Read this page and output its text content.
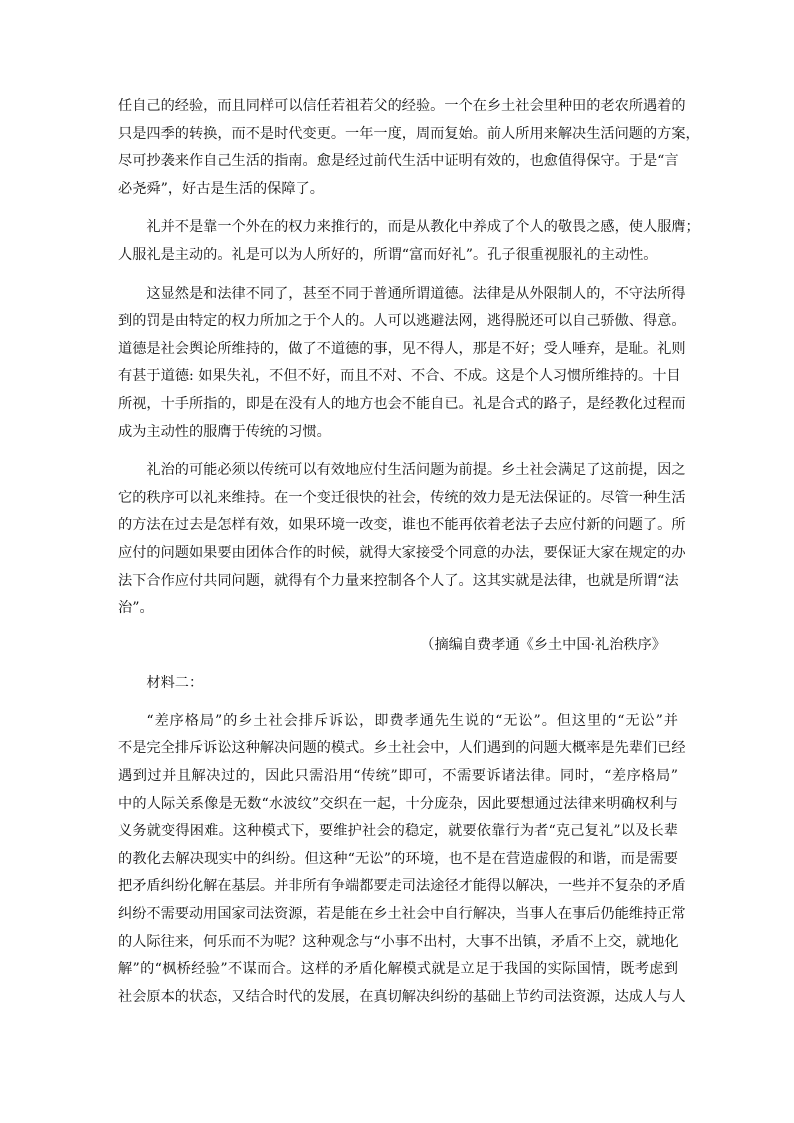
任自己的经验，而且同样可以信任若祖若父的经验。一个在乡土社会里种田的老农所遇着的
只是四季的转换，而不是时代变更。一年一度，周而复始。前人所用来解决生活问题的方案，
尽可抄袭来作自己生活的指南。愈是经过前代生活中证明有效的，也愈值得保守。于是“言
必尧舜”，好古是生活的保障了。

礼并不是靠一个外在的权力来推行的，而是从教化中养成了个人的敬畏之感，使人服膺；
人服礼是主动的。礼是可以为人所好的，所谓“富而好礼”。孔子很重视服礼的主动性。

这显然是和法律不同了，甚至不同于普通所谓道德。法律是从外限制人的，不守法所得
到的罚是由特定的权力所加之于个人的。人可以逃避法网，逃得脱还可以自己骄傲、得意。
道德是社会舆论所维持的，做了不道德的事，见不得人，那是不好；受人唾弃，是耻。礼则
有甚于道德: 如果失礼，不但不好，而且不对、不合、不成。这是个人习惯所维持的。十目
所视，十手所指的，即是在没有人的地方也会不能自已。礼是合式的路子，是经教化过程而
成为主动性的服膺于传统的习惯。

礼治的可能必须以传统可以有效地应付生活问题为前提。乡土社会满足了这前提，因之
它的秩序可以礼来维持。在一个变迁很快的社会，传统的效力是无法保证的。尽管一种生活
的方法在过去是怎样有效，如果环境一改变，谁也不能再依着老法子去应付新的问题了。所
应付的问题如果要由团体合作的时候，就得大家接受个同意的办法，要保证大家在规定的办
法下合作应付共同问题，就得有个力量来控制各个人了。这其实就是法律，也就是所谓“法
治”。

（摘编自费孝通《乡土中国·礼治秩序》

材料二：

“差序格局”的乡土社会排斥诉讼，即费孝通先生说的“无讼”。但这里的“无讼”并
不是完全排斥诉讼这种解决问题的模式。乡土社会中，人们遇到的问题大概率是先辈们已经
遇到过并且解决过的，因此只需沿用“传统”即可，不需要诉诸法律。同时，“差序格局”
中的人际关系像是无数“水波纹”交织在一起，十分庞杂，因此要想通过法律来明确权利与
义务就变得困难。这种模式下，要维护社会的稳定，就要依靠行为者“克己复礼”以及长辈
的教化去解决现实中的纠纷。但这种“无讼”的环境，也不是在营造虚假的和谐，而是需要
把矛盾纠纷化解在基层。并非所有争端都要走司法途径才能得以解决，一些并不复杂的矛盾
纠纷不需要动用国家司法资源，若是能在乡土社会中自行解决，当事人在事后仍能维持正常
的人际往来，何乐而不为呢？这种观念与“小事不出村，大事不出镇，矛盾不上交，就地化
解”的“枫桥经验”不谋而合。这样的矛盾化解模式就是立足于我国的实际国情，既考虑到
社会原本的状态，又结合时代的发展，在真切解决纠纷的基础上节约司法资源，达成人与人
